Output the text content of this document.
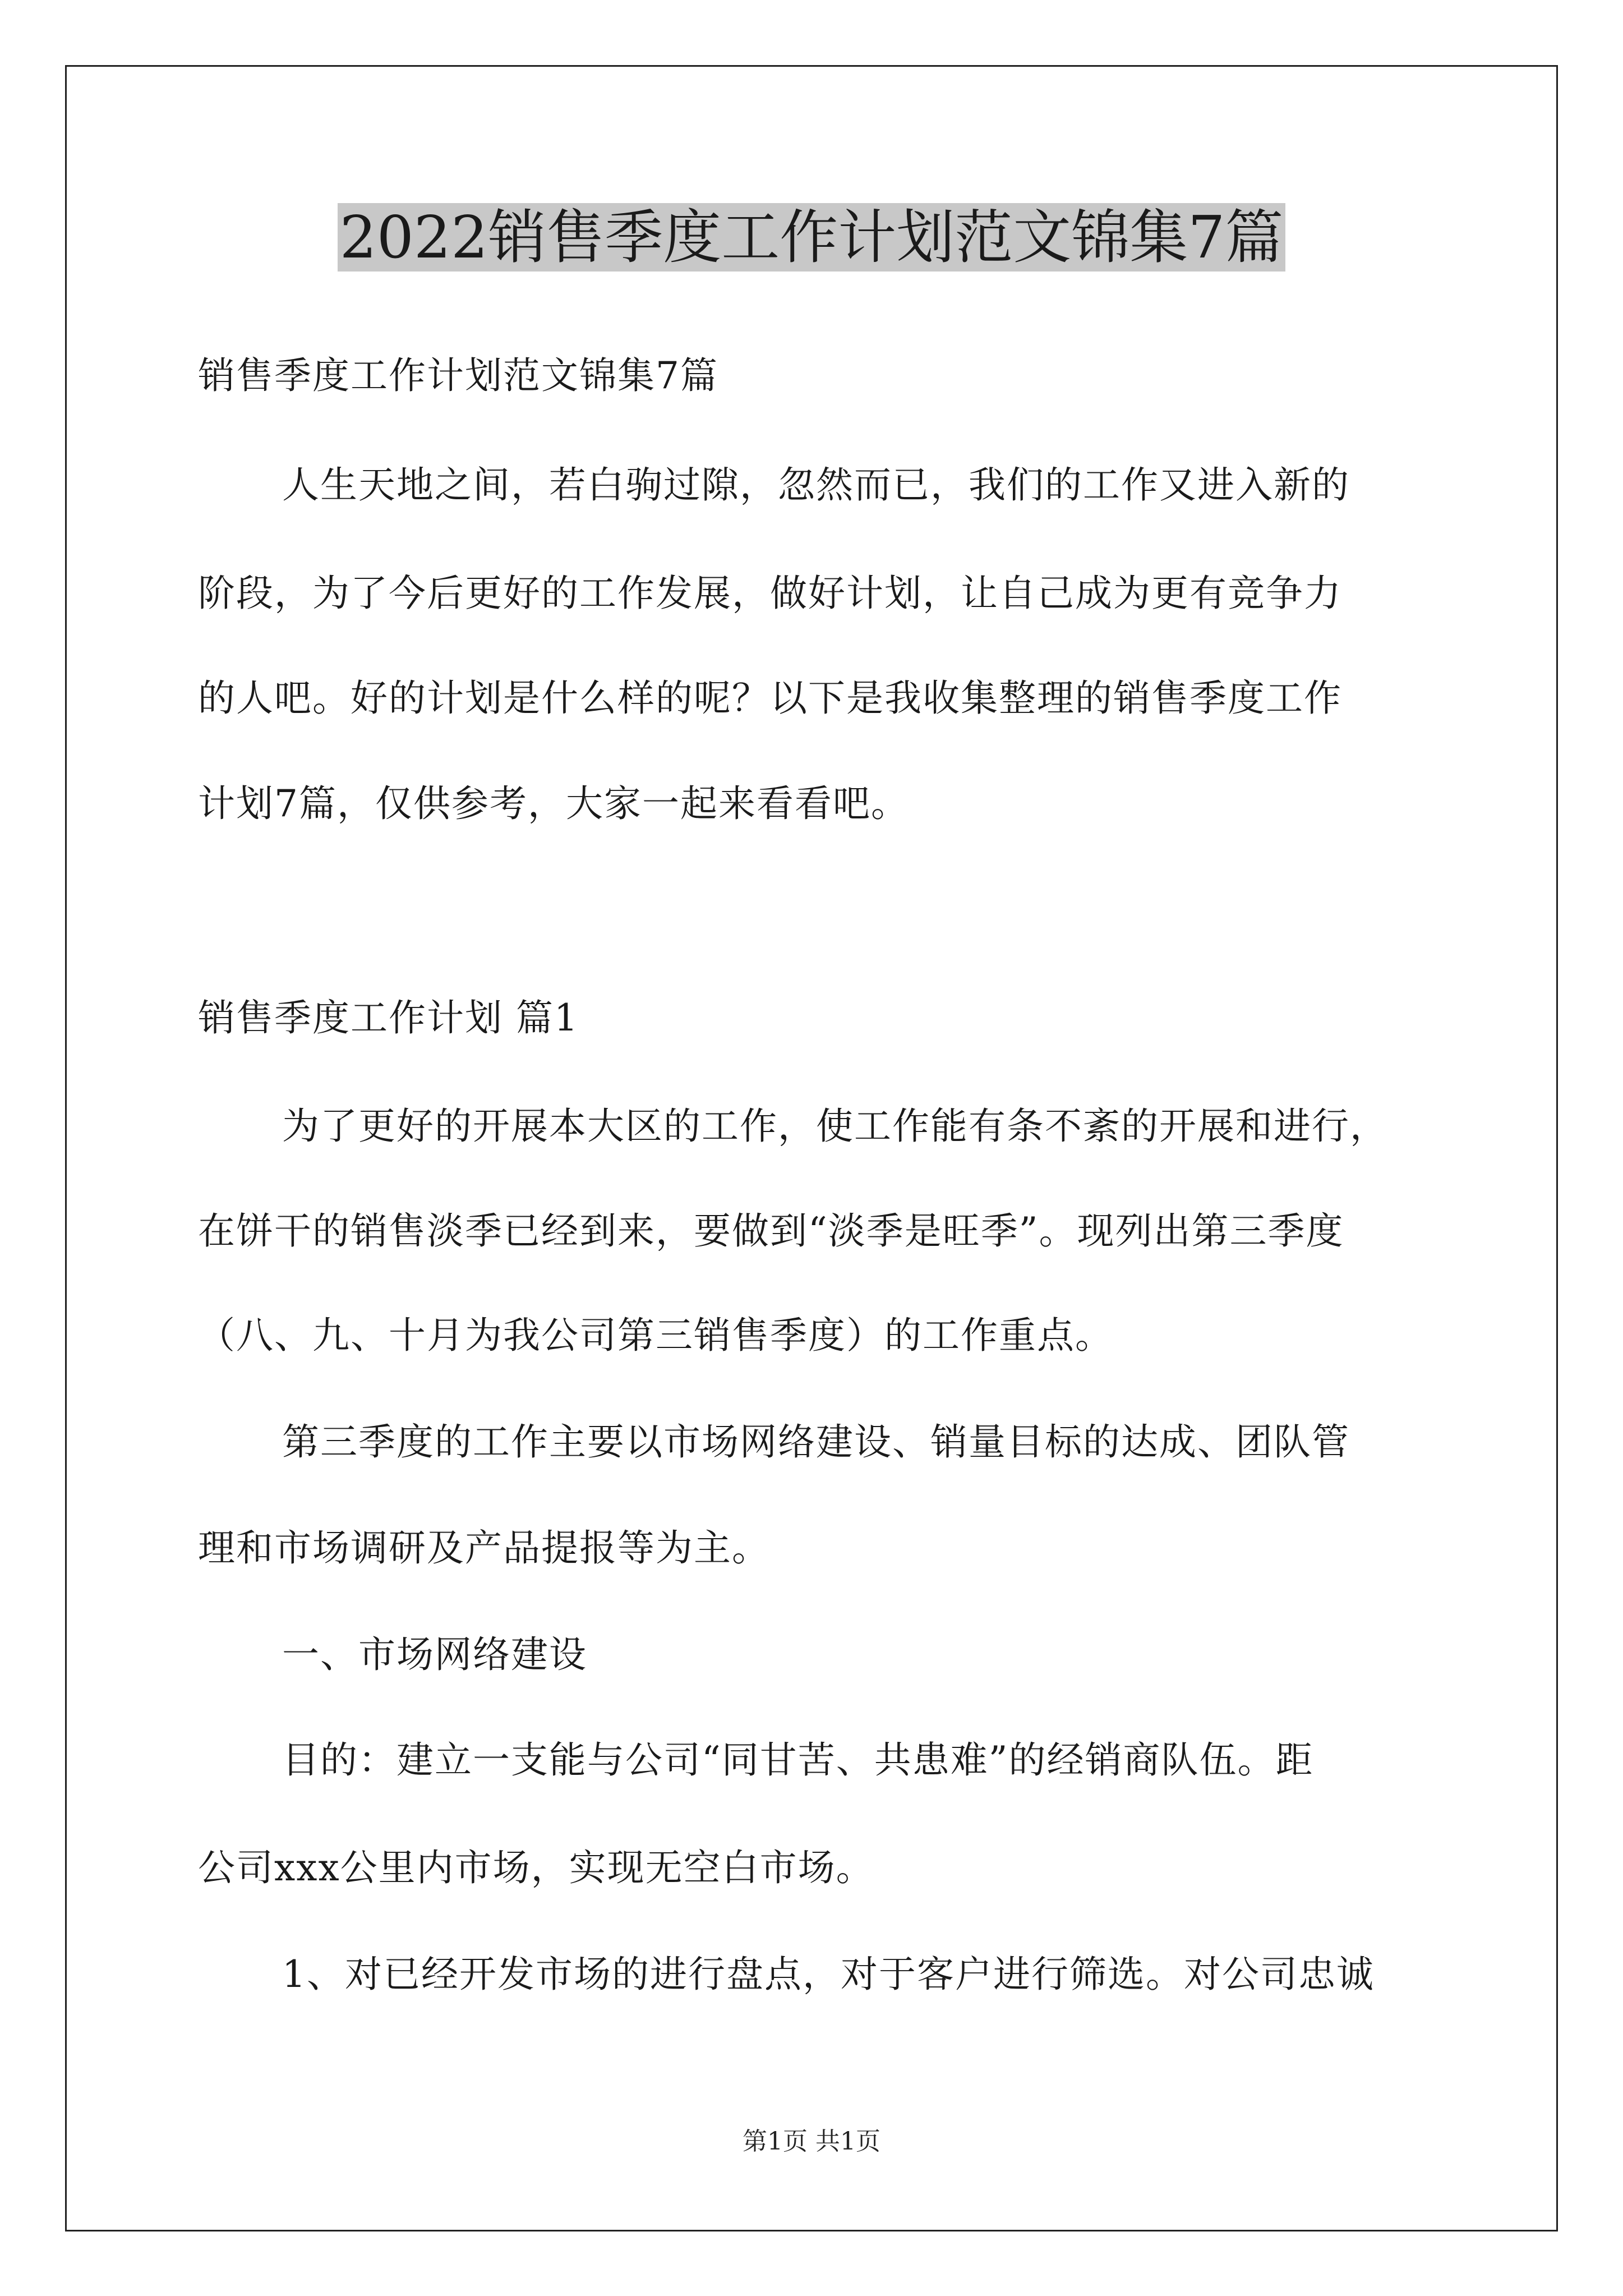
2022销售季度工作计划范文锦集7篇
销售季度工作计划范文锦集7篇
人生天地之间，若白驹过隙，忽然而已，我们的工作又进入新的
阶段，为了今后更好的工作发展，做好计划，让自己成为更有竞争力
的人吧。好的计划是什么样的呢？以下是我收集整理的销售季度工作
计划7篇，仅供参考，大家一起来看看吧。
销售季度工作计划 篇1
为了更好的开展本大区的工作，使工作能有条不紊的开展和进行，
在饼干的销售淡季已经到来，要做到“淡季是旺季”。现列出第三季度
（八、九、十月为我公司第三销售季度）的工作重点。
第三季度的工作主要以市场网络建设、销量目标的达成、团队管
理和市场调研及产品提报等为主。
一、市场网络建设
目的：建立一支能与公司“同甘苦、共患难”的经销商队伍。距
公司xxx公里内市场，实现无空白市场。
1、对已经开发市场的进行盘点，对于客户进行筛选。对公司忠诚
第1页 共1页
